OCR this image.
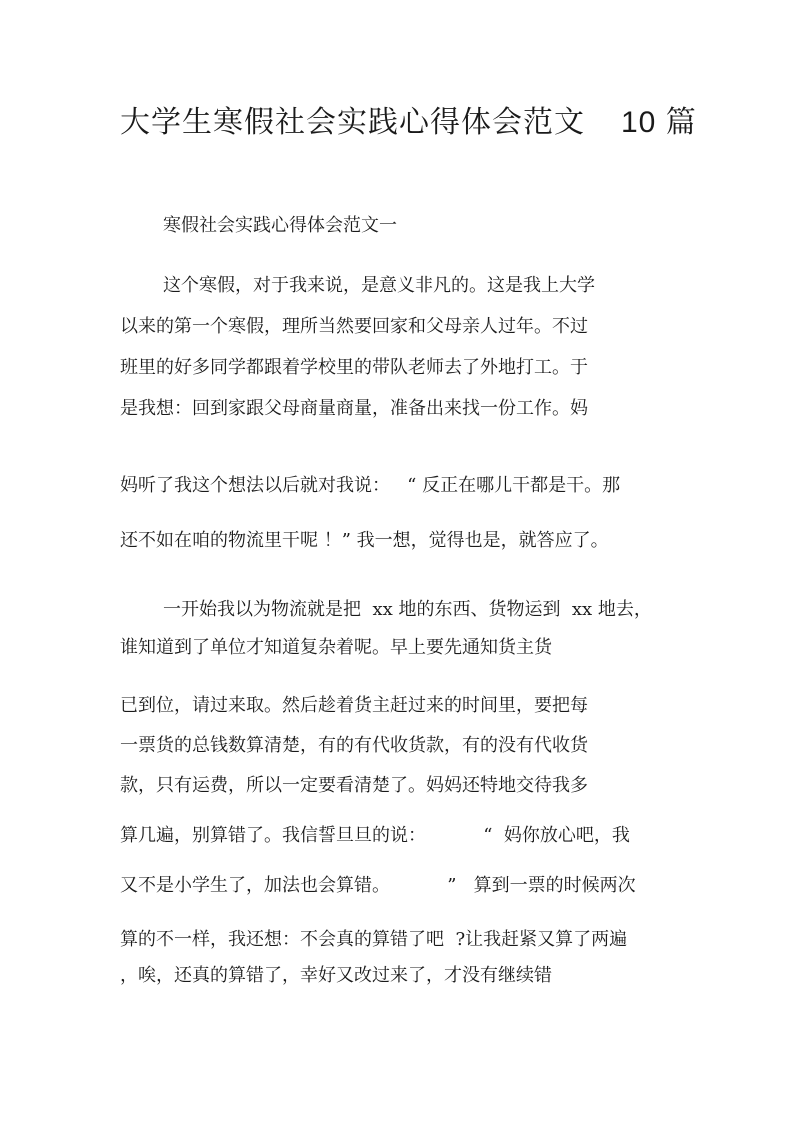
大学生寒假社会实践心得体会范文 10 篇
寒假社会实践心得体会范文一
这个寒假，对于我来说，是意义非凡的。这是我上大学
以来的第一个寒假，理所当然要回家和父母亲人过年。不过
班里的好多同学都跟着学校里的带队老师去了外地打工。于
是我想：回到家跟父母商量商量，准备出来找一份工作。妈
妈听了我这个想法以后就对我说：   “ 反正在哪儿干都是干。那
还不如在咱的物流里干呢 ！” 我一想，觉得也是，就答应了。
一开始我以为物流就是把  xx 地的东西、货物运到  xx 地去，
谁知道到了单位才知道复杂着呢。早上要先通知货主货
已到位，请过来取。然后趁着货主赶过来的时间里，要把每
一票货的总钱数算清楚，有的有代收货款，有的没有代收货
款，只有运费，所以一定要看清楚了。妈妈还特地交待我多
算几遍，别算错了。我信誓旦旦的说：          “  妈你放心吧，我
又不是小学生了，加法也会算错。          ”   算到一票的时候两次
算的不一样，我还想：不会真的算错了吧  ?让我赶紧又算了两遍
，唉，还真的算错了，幸好又改过来了，才没有继续错
